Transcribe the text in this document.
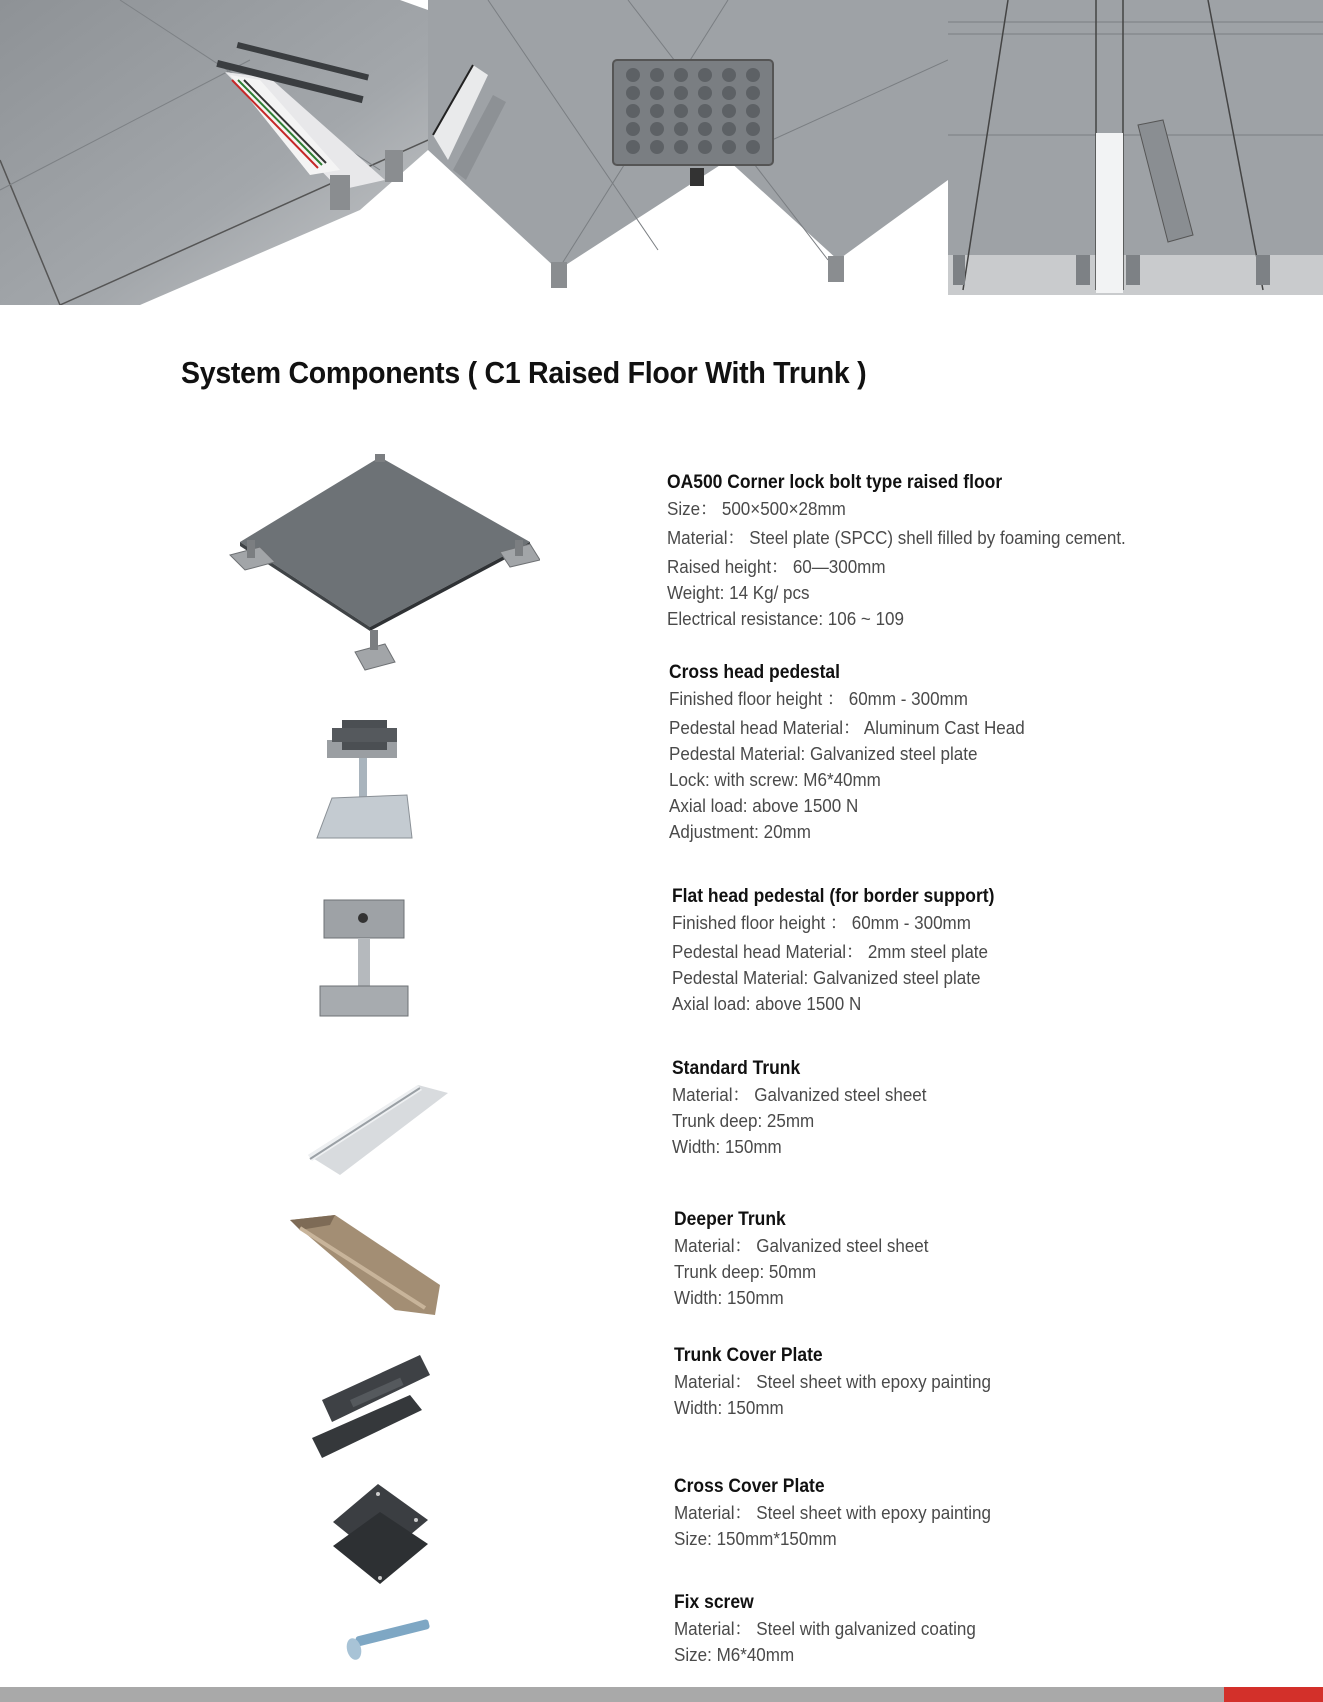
System Components ( C1 Raised Floor With Trunk )
OA500 Corner lock bolt type raised floor
Size： 500×500×28mm
Material： Steel plate (SPCC) shell filled by foaming cement.
Raised height： 60—300mm
Weight: 14 Kg/ pcs
Electrical resistance: 106 ~ 109
Cross head pedestal
Finished floor height ： 60mm - 300mm
Pedestal head Material： Aluminum Cast Head
Pedestal Material: Galvanized steel plate
Lock: with screw: M6*40mm
Axial load: above 1500 N
Adjustment: 20mm
Flat head pedestal (for border support)
Finished floor height ： 60mm - 300mm
Pedestal head Material： 2mm steel plate
Pedestal Material: Galvanized steel plate
Axial load: above 1500 N
Standard Trunk
Material： Galvanized steel sheet
Trunk deep: 25mm
Width: 150mm
Deeper Trunk
Material： Galvanized steel sheet
Trunk deep: 50mm
Width: 150mm
Trunk Cover Plate
Material： Steel sheet with epoxy painting
Width: 150mm
Cross Cover Plate
Material： Steel sheet with epoxy painting
Size: 150mm*150mm
Fix screw
Material： Steel with galvanized coating
Size: M6*40mm
